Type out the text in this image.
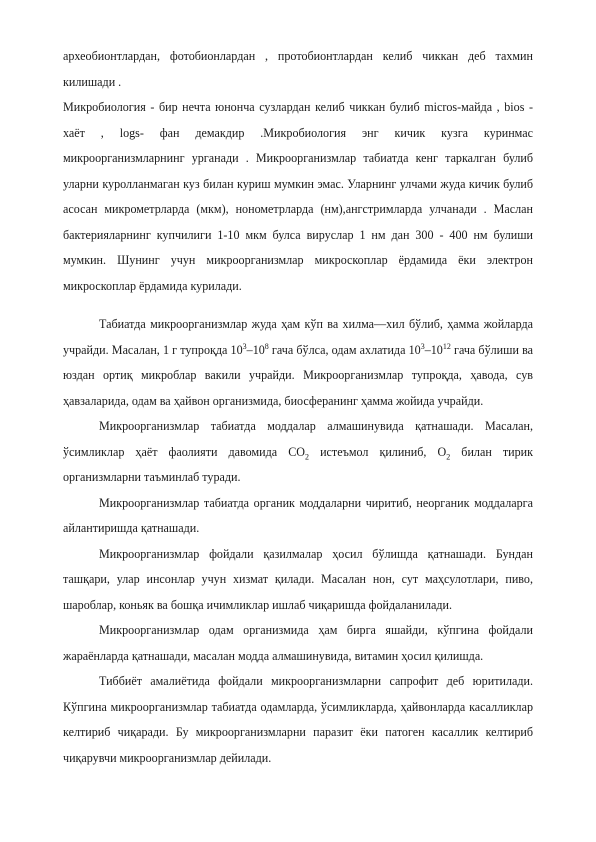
археобионтлардан, фотобионлардан , протобионтлардан келиб чиккан деб тахмин килишади .

Микробиология - бир нечта юнонча сузлардан келиб чиккан булиб micros-майда , bios - хаёт , logs- фан демакдир .Микробиология энг кичик кузга куринмас микроорганизмларнинг урганади . Микроорганизмлар табиатда кенг таркалган булиб уларни куролланмаган куз билан куриш мумкин эмас. Уларнинг улчами жуда кичик булиб асосан микрометрларда (мкм), нонометрларда (нм),ангстримларда улчанади . Маслан бактерияларнинг купчилиги 1-10 мкм булса вируслар 1 нм дан 300 - 400 нм булиши мумкин. Шунинг учун микроорганизмлар микроскоплар ёрдамида ёки электрон микроскоплар ёрдамида курилади.

Табиатда микроорганизмлар жуда ҳам кўп ва хилма—хил бўлиб, ҳамма жойларда учрайди. Масалан, 1 г тупроқда $10^3-10^8$ гача бўлса, одам ахлатида $10^3-10^{12}$ гача бўлиши ва юздан ортиқ микроблар вакили учрайди. Микроорганизмлар тупроқда, ҳавода, сув ҳавзаларида, одам ва ҳайвон организмида, биосферанинг ҳамма жойида учрайди.

Микроорганизмлар табиатда моддалар алмашинувида қатнашади. Масалан, ўсимликлар ҳаёт фаолияти давомида $СО_2$ истеъмол қилиниб, $О_2$ билан тирик организмларни таъминлаб туради.

Микроорганизмлар табиатда органик моддаларни чиритиб, неорганик моддаларга айлантиришда қатнашади.

Микроорганизмлар фойдали қазилмалар ҳосил бўлишда қатнашади. Бундан ташқари, улар инсонлар учун хизмат қилади. Масалан нон, сут маҳсулотлари, пиво, шароблар, коньяк ва бошқа ичимликлар ишлаб чиқаришда фойдаланилади.

Микроорганизмлар одам организмида ҳам бирга яшайди, кўпгина фойдали жараёнларда қатнашади, масалан модда алмашинувида, витамин ҳосил қилишда.

Тиббиёт амалиётида фойдали микроорганизмларни сапрофит деб юритилади. Кўпгина микроорганизмлар табиатда одамларда, ўсимликларда, ҳайвонларда касалликлар келтириб чиқаради. Бу микроорганизмларни паразит ёки патоген касаллик келтириб чиқарувчи микроорганизмлар дейилади.
